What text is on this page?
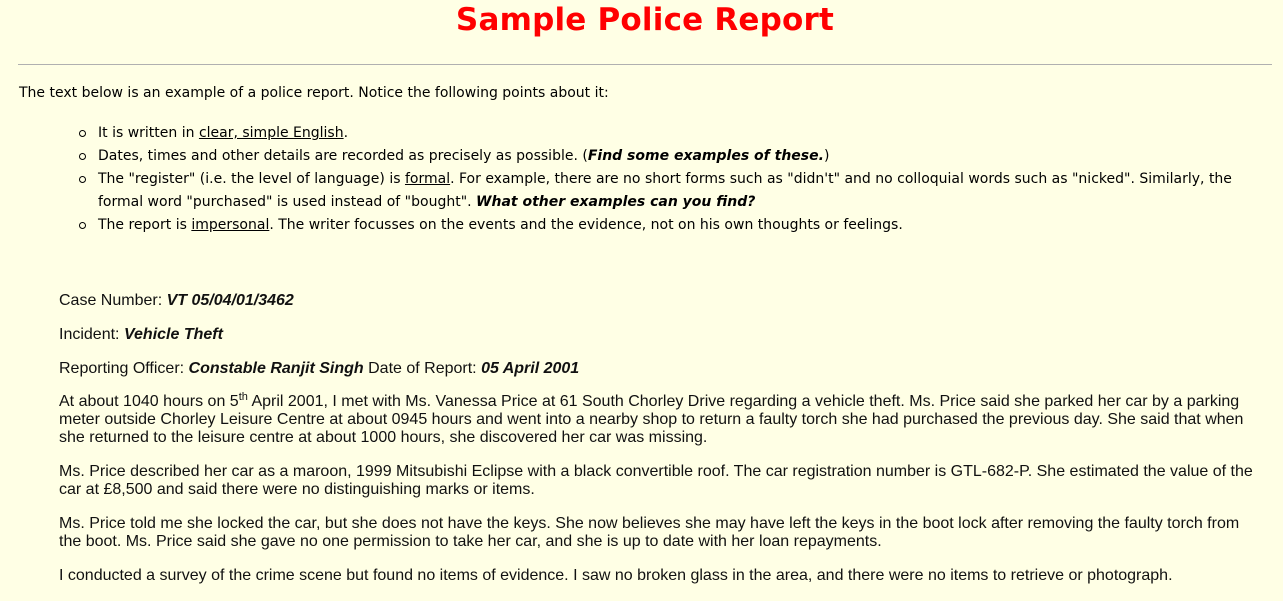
Sample Police Report

The text below is an example of a police report. Notice the following points about it:

It is written in clear, simple English.
Dates, times and other details are recorded as precisely as possible. (Find some examples of these.)
The "register" (i.e. the level of language) is formal. For example, there are no short forms such as "didn't" and no colloquial words such as "nicked". Similarly, the formal word "purchased" is used instead of "bought". What other examples can you find?
The report is impersonal. The writer focusses on the events and the evidence, not on his own thoughts or feelings.

Case Number: VT 05/04/01/3462

Incident: Vehicle Theft

Reporting Officer: Constable Ranjit Singh Date of Report: 05 April 2001

At about 1040 hours on 5th April 2001, I met with Ms. Vanessa Price at 61 South Chorley Drive regarding a vehicle theft. Ms. Price said she parked her car by a parking meter outside Chorley Leisure Centre at about 0945 hours and went into a nearby shop to return a faulty torch she had purchased the previous day. She said that when she returned to the leisure centre at about 1000 hours, she discovered her car was missing.

Ms. Price described her car as a maroon, 1999 Mitsubishi Eclipse with a black convertible roof. The car registration number is GTL-682-P. She estimated the value of the car at £8,500 and said there were no distinguishing marks or items.

Ms. Price told me she locked the car, but she does not have the keys. She now believes she may have left the keys in the boot lock after removing the faulty torch from the boot. Ms. Price said she gave no one permission to take her car, and she is up to date with her loan repayments.

I conducted a survey of the crime scene but found no items of evidence. I saw no broken glass in the area, and there were no items to retrieve or photograph.
